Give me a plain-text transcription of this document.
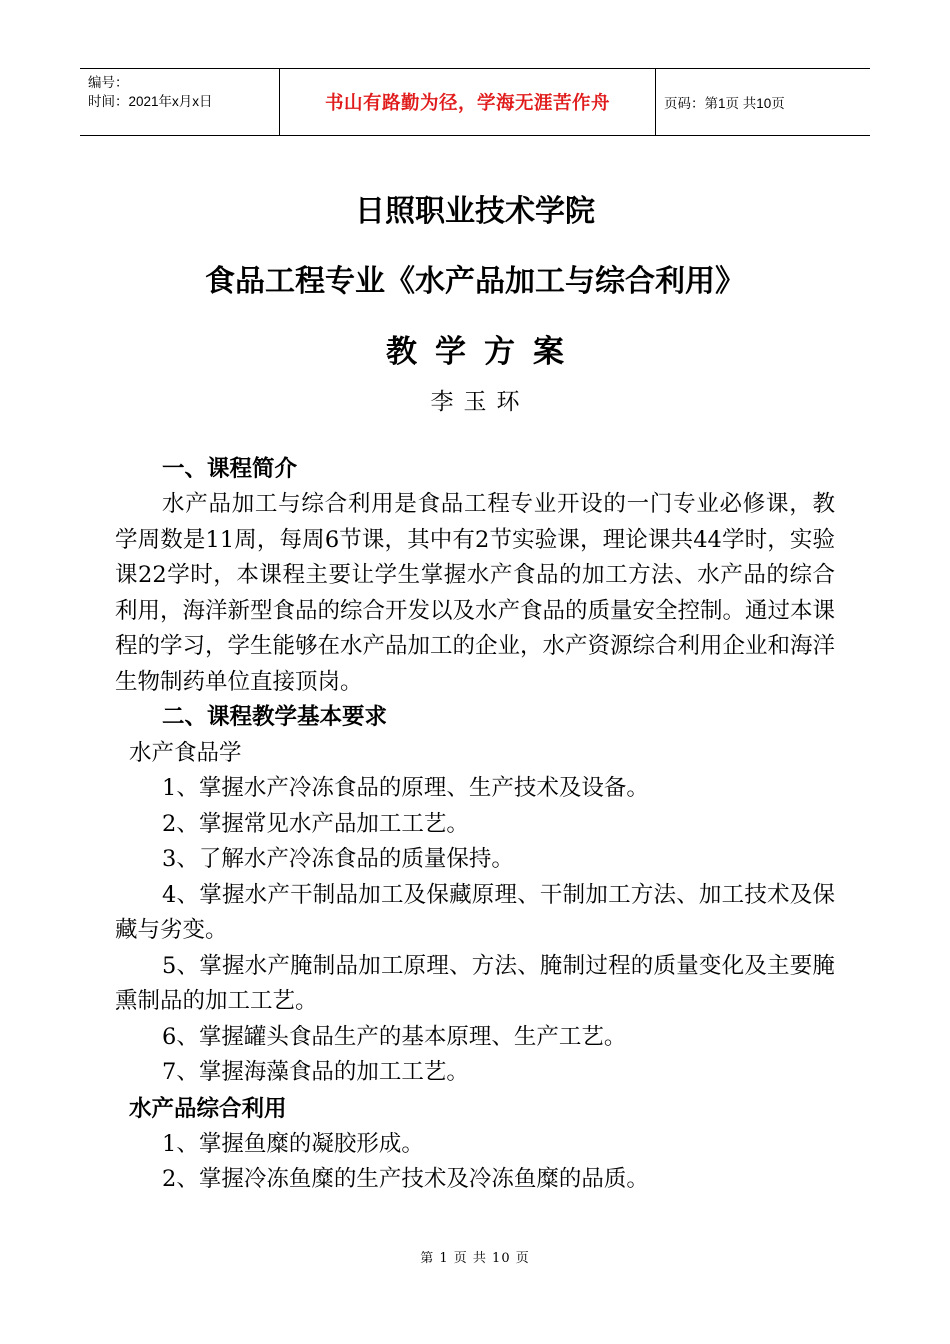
编号：
时间：2021年x月x日	书山有路勤为径，学海无涯苦作舟	页码：第1页 共10页
日照职业技术学院
食品工程专业《水产品加工与综合利用》
教学方案
李玉环

一、课程简介

水产品加工与综合利用是食品工程专业开设的一门专业必修课，教学周数是11周，每周6节课，其中有2节实验课，理论课共44学时，实验课22学时，本课程主要让学生掌握水产食品的加工方法、水产品的综合利用，海洋新型食品的综合开发以及水产食品的质量安全控制。通过本课程的学习，学生能够在水产品加工的企业，水产资源综合利用企业和海洋生物制药单位直接顶岗。

二、课程教学基本要求

水产食品学

1、掌握水产冷冻食品的原理、生产技术及设备。

2、掌握常见水产品加工工艺。

3、了解水产冷冻食品的质量保持。

4、掌握水产干制品加工及保藏原理、干制加工方法、加工技术及保藏与劣变。

5、掌握水产腌制品加工原理、方法、腌制过程的质量变化及主要腌熏制品的加工工艺。

6、掌握罐头食品生产的基本原理、生产工艺。

7、掌握海藻食品的加工工艺。

水产品综合利用

1、掌握鱼糜的凝胶形成。

2、掌握冷冻鱼糜的生产技术及冷冻鱼糜的品质。

第 1 页 共 10 页
